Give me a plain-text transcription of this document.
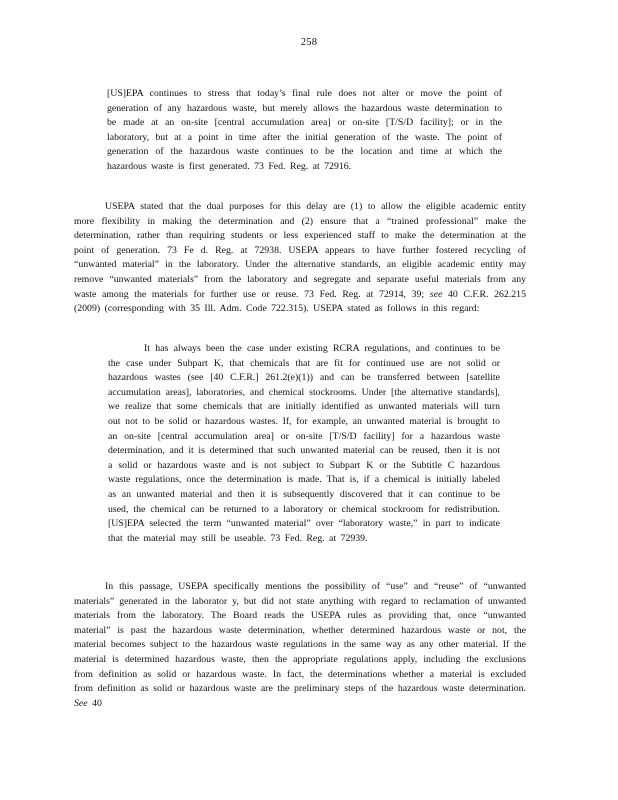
258
[US]EPA continues to stress that today’s final rule does not alter or move the point of generation of any hazardous waste, but merely allows the hazardous waste determination to be made at an on-site [central accumulation area] or on-site [T/S/D facility]; or in the laboratory, but at a point in time after the initial generation of the waste. The point of generation of the hazardous waste continues to be the location and time at which the hazardous waste is first generated. 73 Fed. Reg. at 72916.
USEPA stated that the dual purposes for this delay are (1) to allow the eligible academic entity more flexibility in making the determination and (2) ensure that a “trained professional” make the determination, rather than requiring students or less experienced staff to make the determination at the point of generation. 73 Fe d. Reg. at 72938. USEPA appears to have further fostered recycling of “unwanted material” in the laboratory. Under the alternative standards, an eligible academic entity may remove “unwanted materials” from the laboratory and segregate and separate useful materials from any waste among the materials for further use or reuse. 73 Fed. Reg. at 72914, 39; see 40 C.F.R. 262.215 (2009) (corresponding with 35 Ill. Adm. Code 722.315). USEPA stated as follows in this regard:
It has always been the case under existing RCRA regulations, and continues to be the case under Subpart K, that chemicals that are fit for continued use are not solid or hazardous wastes (see [40 C.F.R.] 261.2(e)(1)) and can be transferred between [satellite accumulation areas], laboratories, and chemical stockrooms. Under [the alternative standards], we realize that some chemicals that are initially identified as unwanted materials will turn out not to be solid or hazardous wastes. If, for example, an unwanted material is brought to an on-site [central accumulation area] or on-site [T/S/D facility] for a hazardous waste determination, and it is determined that such unwanted material can be reused, then it is not a solid or hazardous waste and is not subject to Subpart K or the Subtitle C hazardous waste regulations, once the determination is made. That is, if a chemical is initially labeled as an unwanted material and then it is subsequently discovered that it can continue to be used, the chemical can be returned to a laboratory or chemical stockroom for redistribution. [US]EPA selected the term “unwanted material” over “laboratory waste,” in part to indicate that the material may still be useable. 73 Fed. Reg. at 72939.
In this passage, USEPA specifically mentions the possibility of “use” and “reuse” of “unwanted materials” generated in the laborator y, but did not state anything with regard to reclamation of unwanted materials from the laboratory. The Board reads the USEPA rules as providing that, once “unwanted material” is past the hazardous waste determination, whether determined hazardous waste or not, the material becomes subject to the hazardous waste regulations in the same way as any other material. If the material is determined hazardous waste, then the appropriate regulations apply, including the exclusions from definition as solid or hazardous waste. In fact, the determinations whether a material is excluded from definition as solid or hazardous waste are the preliminary steps of the hazardous waste determination. See 40
